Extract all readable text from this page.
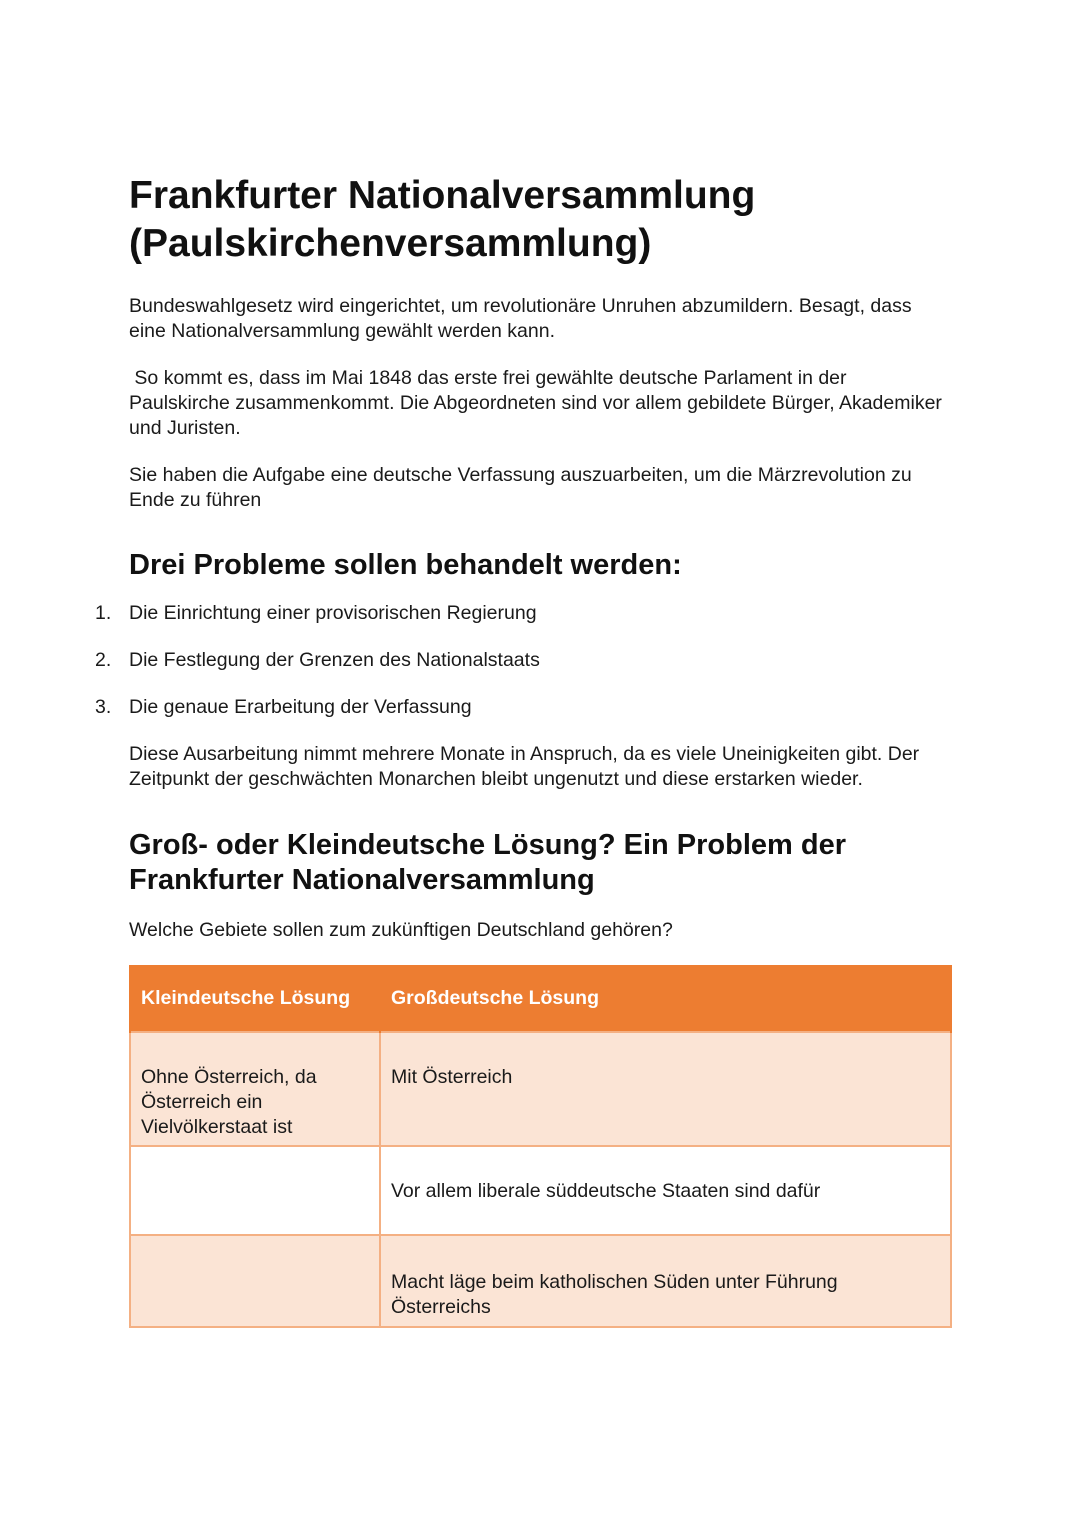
Frankfurter Nationalversammlung
(Paulskirchenversammlung)

Bundeswahlgesetz wird eingerichtet, um revolutionäre Unruhen abzumildern. Besagt, dass eine Nationalversammlung gewählt werden kann.

So kommt es, dass im Mai 1848 das erste frei gewählte deutsche Parlament in der Paulskirche zusammenkommt. Die Abgeordneten sind vor allem gebildete Bürger, Akademiker und Juristen.

Sie haben die Aufgabe eine deutsche Verfassung auszuarbeiten, um die Märzrevolution zu Ende zu führen

Drei Probleme sollen behandelt werden:
1. Die Einrichtung einer provisorischen Regierung
2. Die Festlegung der Grenzen des Nationalstaats
3. Die genaue Erarbeitung der Verfassung

Diese Ausarbeitung nimmt mehrere Monate in Anspruch, da es viele Uneinigkeiten gibt. Der Zeitpunkt der geschwächten Monarchen bleibt ungenutzt und diese erstarken wieder.

Groß- oder Kleindeutsche Lösung? Ein Problem der
Frankfurter Nationalversammlung

Welche Gebiete sollen zum zukünftigen Deutschland gehören?

Kleindeutsche Lösung	Großdeutsche Lösung
Ohne Österreich, da Österreich ein Vielvölkerstaat ist	Mit Österreich
	Vor allem liberale süddeutsche Staaten sind dafür
	Macht läge beim katholischen Süden unter Führung Österreichs
